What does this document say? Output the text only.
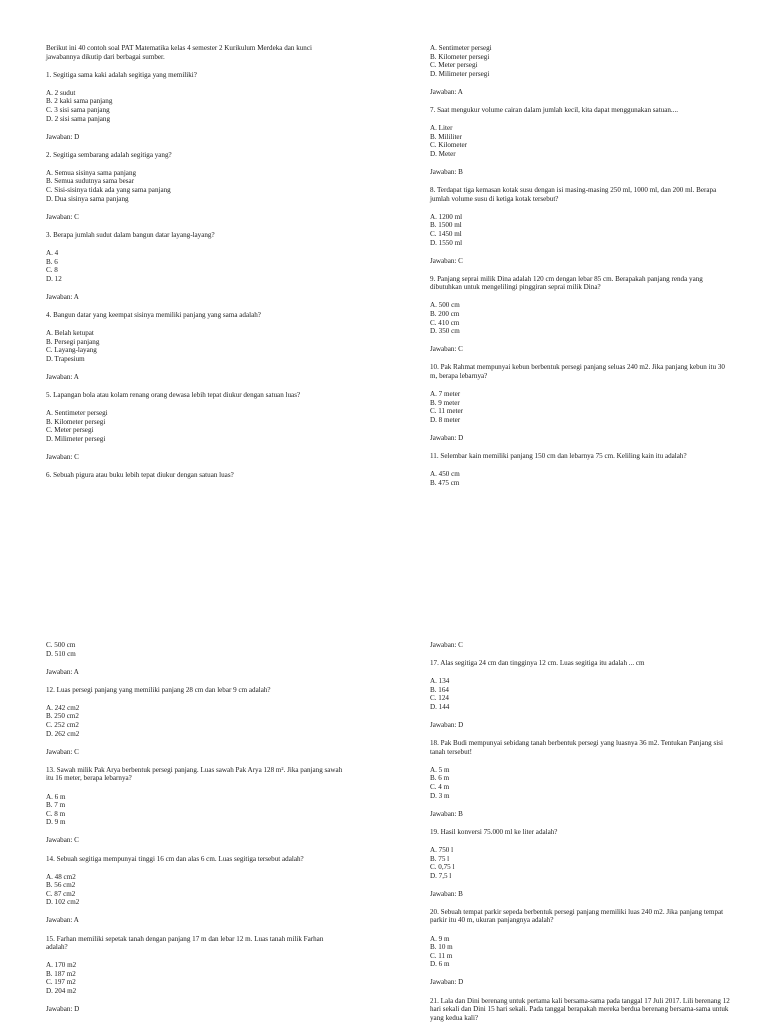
Berikut ini 40 contoh soal PAT Matematika kelas 4 semester 2 Kurikulum Merdeka dan kunci jawabannya dikutip dari berbagai sumber.
1. Segitiga sama kaki adalah segitiga yang memiliki?
A. 2 sudut
B. 2 kaki sama panjang
C. 3 sisi sama panjang
D. 2 sisi sama panjang
Jawaban: D
2. Segitiga sembarang adalah segitiga yang?
A. Semua sisinya sama panjang
B. Semua sudutnya sama besar
C. Sisi-sisinya tidak ada yang sama panjang
D. Dua sisinya sama panjang
Jawaban: C
3. Berapa jumlah sudut dalam bangun datar layang-layang?
A. 4
B. 6
C. 8
D. 12
Jawaban: A
4. Bangun datar yang keempat sisinya memiliki panjang yang sama adalah?
A. Belah ketupat
B. Persegi panjang
C. Layang-layang
D. Trapesium
Jawaban: A
5. Lapangan bola atau kolam renang orang dewasa lebih tepat diukur dengan satuan luas?
A. Sentimeter persegi
B. Kilometer persegi
C. Meter persegi
D. Milimeter persegi
Jawaban: C
6. Sebuah pigura atau buku lebih tepat diukur dengan satuan luas?
A. Sentimeter persegi
B. Kilometer persegi
C. Meter persegi
D. Milimeter persegi
Jawaban: A
7. Saat mengukur volume cairan dalam jumlah kecil, kita dapat menggunakan satuan....
A. Liter
B. Mililiter
C. Kilometer
D. Meter
Jawaban: B
8. Terdapat tiga kemasan kotak susu dengan isi masing-masing 250 ml, 1000 ml, dan 200 ml. Berapa jumlah volume susu di ketiga kotak tersebut?
A. 1200 ml
B. 1500 ml
C. 1450 ml
D. 1550 ml
Jawaban: C
9. Panjang seprai milik Dina adalah 120 cm dengan lebar 85 cm. Berapakah panjang renda yang dibutuhkan untuk mengelilingi pinggiran seprai milik Dina?
A. 500 cm
B. 200 cm
C. 410 cm
D. 350 cm
Jawaban: C
10. Pak Rahmat mempunyai kebun berbentuk persegi panjang seluas 240 m2. Jika panjang kebun itu 30 m, berapa lebarnya?
A. 7 meter
B. 9 meter
C. 11 meter
D. 8 meter
Jawaban: D
11. Selembar kain memiliki panjang 150 cm dan lebarnya 75 cm. Keliling kain itu adalah?
A. 450 cm
B. 475 cm
C. 500 cm
D. 510 cm
Jawaban: A
12. Luas persegi panjang yang memiliki panjang 28 cm dan lebar 9 cm adalah?
A. 242 cm2
B. 250 cm2
C. 252 cm2
D. 262 cm2
Jawaban: C
13. Sawah milik Pak Arya berbentuk persegi panjang. Luas sawah Pak Arya 128 m². Jika panjang sawah itu 16 meter, berapa lebarnya?
A. 6 m
B. 7 m
C. 8 m
D. 9 m
Jawaban: C
14. Sebuah segitiga mempunyai tinggi 16 cm dan alas 6 cm. Luas segitiga tersebut adalah?
A. 48 cm2
B. 56 cm2
C. 87 cm2
D. 102 cm2
Jawaban: A
15. Farhan memiliki sepetak tanah dengan panjang 17 m dan lebar 12 m. Luas tanah milik Farhan adalah?
A. 170 m2
B. 187 m2
C. 197 m2
D. 204 m2
Jawaban: D
Jawaban: C
17. Alas segitiga 24 cm dan tingginya 12 cm. Luas segitiga itu adalah ... cm
A. 134
B. 164
C. 124
D. 144
Jawaban: D
18. Pak Budi mempunyai sebidang tanah berbentuk persegi yang luasnya 36 m2. Tentukan Panjang sisi tanah tersebut!
A. 5 m
B. 6 m
C. 4 m
D. 3 m
Jawaban: B
19. Hasil konversi 75.000 ml ke liter adalah?
A. 750 l
B. 75 l
C. 0,75 l
D. 7,5 l
Jawaban: B
20. Sebuah tempat parkir sepeda berbentuk persegi panjang memiliki luas 240 m2. Jika panjang tempat parkir itu 40 m, ukuran panjangnya adalah?
A. 9 m
B. 10 m
C. 11 m
D. 6 m
Jawaban: D
21. Lala dan Dini berenang untuk pertama kali bersama-sama pada tanggal 17 Juli 2017. Lili berenang 12 hari sekali dan Dini 15 hari sekali. Pada tanggal berapakah mereka berdua berenang bersama-sama untuk yang kedua kali?
